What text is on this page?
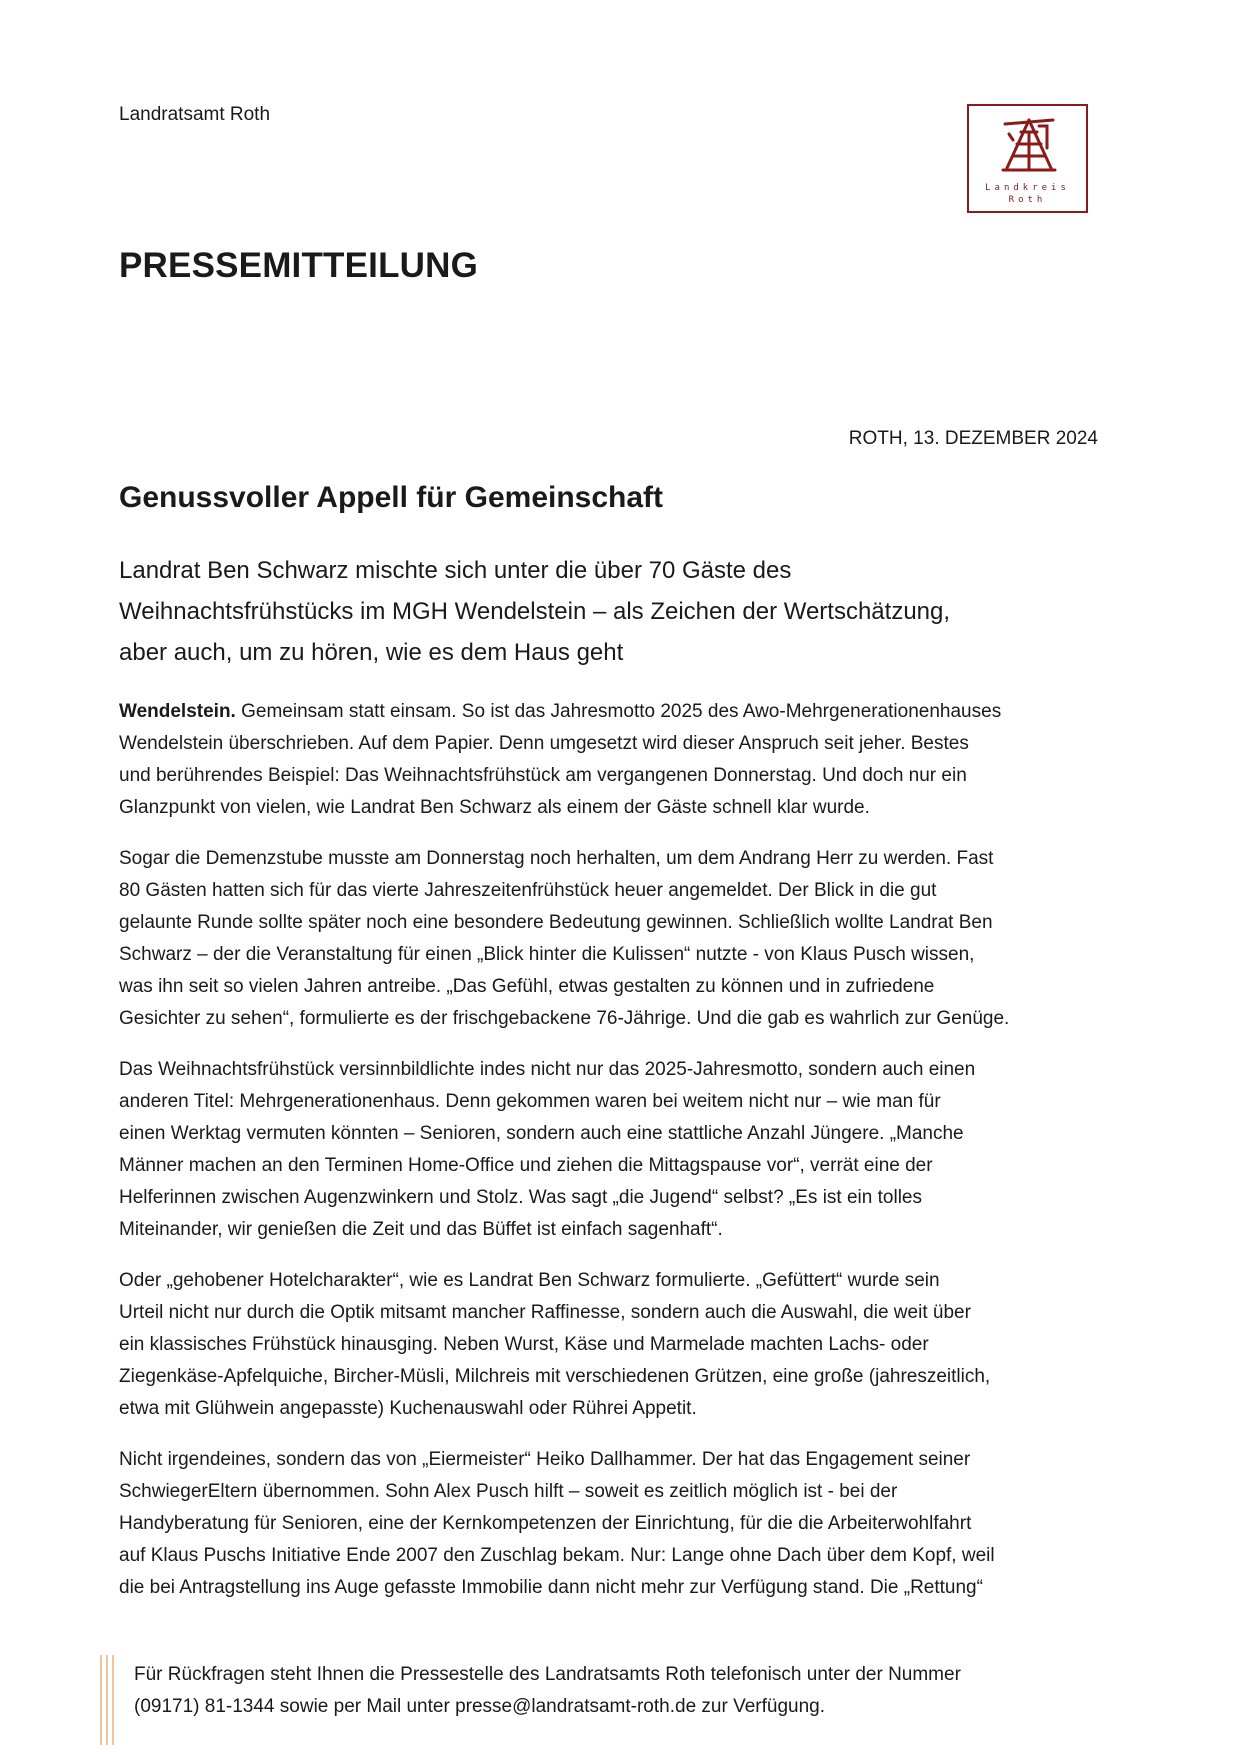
Landratsamt Roth
Landkreis
Roth
PRESSEMITTEILUNG
ROTH, 13. DEZEMBER 2024
Genussvoller Appell für Gemeinschaft
Landrat Ben Schwarz mischte sich unter die über 70 Gäste des
Weihnachtsfrühstücks im MGH Wendelstein – als Zeichen der Wertschätzung,
aber auch, um zu hören, wie es dem Haus geht
Wendelstein. Gemeinsam statt einsam. So ist das Jahresmotto 2025 des Awo-Mehrgenerationenhauses
Wendelstein überschrieben. Auf dem Papier. Denn umgesetzt wird dieser Anspruch seit jeher. Bestes
und berührendes Beispiel: Das Weihnachtsfrühstück am vergangenen Donnerstag. Und doch nur ein
Glanzpunkt von vielen, wie Landrat Ben Schwarz als einem der Gäste schnell klar wurde.
Sogar die Demenzstube musste am Donnerstag noch herhalten, um dem Andrang Herr zu werden. Fast
80 Gästen hatten sich für das vierte Jahreszeitenfrühstück heuer angemeldet. Der Blick in die gut
gelaunte Runde sollte später noch eine besondere Bedeutung gewinnen. Schließlich wollte Landrat Ben
Schwarz – der die Veranstaltung für einen „Blick hinter die Kulissen“ nutzte - von Klaus Pusch wissen,
was ihn seit so vielen Jahren antreibe. „Das Gefühl, etwas gestalten zu können und in zufriedene
Gesichter zu sehen“, formulierte es der frischgebackene 76-Jährige. Und die gab es wahrlich zur Genüge.
Das Weihnachtsfrühstück versinnbildlichte indes nicht nur das 2025-Jahresmotto, sondern auch einen
anderen Titel: Mehrgenerationenhaus. Denn gekommen waren bei weitem nicht nur – wie man für
einen Werktag vermuten könnten – Senioren, sondern auch eine stattliche Anzahl Jüngere. „Manche
Männer machen an den Terminen Home-Office und ziehen die Mittagspause vor“, verrät eine der
Helferinnen zwischen Augenzwinkern und Stolz. Was sagt „die Jugend“ selbst? „Es ist ein tolles
Miteinander, wir genießen die Zeit und das Büffet ist einfach sagenhaft“.
Oder „gehobener Hotelcharakter“, wie es Landrat Ben Schwarz formulierte. „Gefüttert“ wurde sein
Urteil nicht nur durch die Optik mitsamt mancher Raffinesse, sondern auch die Auswahl, die weit über
ein klassisches Frühstück hinausging. Neben Wurst, Käse und Marmelade machten Lachs- oder
Ziegenkäse-Apfelquiche, Bircher-Müsli, Milchreis mit verschiedenen Grützen, eine große (jahreszeitlich,
etwa mit Glühwein angepasste) Kuchenauswahl oder Rührei Appetit.
Nicht irgendeines, sondern das von „Eiermeister“ Heiko Dallhammer. Der hat das Engagement seiner
SchwiegerEltern übernommen. Sohn Alex Pusch hilft – soweit es zeitlich möglich ist - bei der
Handyberatung für Senioren, eine der Kernkompetenzen der Einrichtung, für die die Arbeiterwohlfahrt
auf Klaus Puschs Initiative Ende 2007 den Zuschlag bekam. Nur: Lange ohne Dach über dem Kopf, weil
die bei Antragstellung ins Auge gefasste Immobilie dann nicht mehr zur Verfügung stand. Die „Rettung“
Für Rückfragen steht Ihnen die Pressestelle des Landratsamts Roth telefonisch unter der Nummer
(09171) 81-1344 sowie per Mail unter presse@landratsamt-roth.de zur Verfügung.
